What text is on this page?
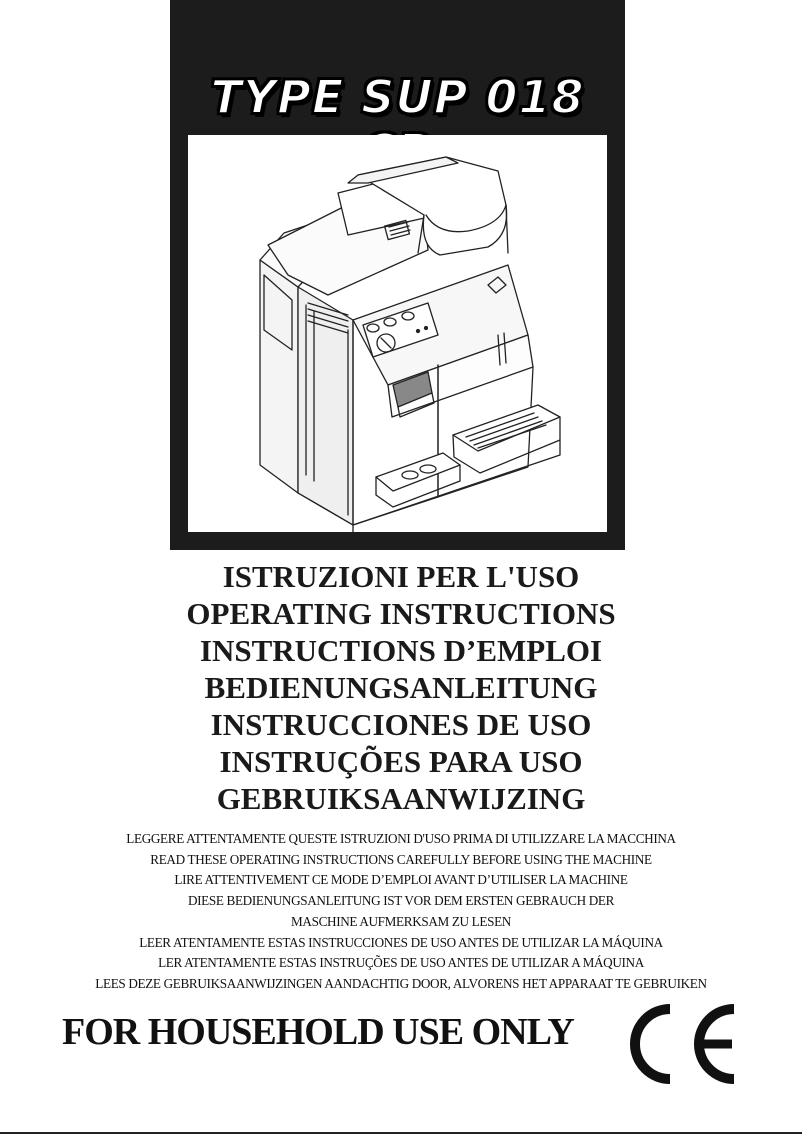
TYPE SUP 018
ISTRUZIONI PER L'USO
OPERATING INSTRUCTIONS
INSTRUCTIONS D’EMPLOI
BEDIENUNGSANLEITUNG
INSTRUCCIONES DE USO
INSTRUÇÕES PARA USO
GEBRUIKSAANWIJZING
LEGGERE ATTENTAMENTE QUESTE ISTRUZIONI D'USO PRIMA DI UTILIZZARE LA MACCHINA
READ THESE OPERATING INSTRUCTIONS CAREFULLY BEFORE USING THE MACHINE
LIRE ATTENTIVEMENT CE MODE D’EMPLOI AVANT D’UTILISER LA MACHINE
DIESE BEDIENUNGSANLEITUNG IST VOR DEM ERSTEN GEBRAUCH DER
MASCHINE AUFMERKSAM ZU LESEN
LEER ATENTAMENTE ESTAS INSTRUCCIONES DE USO ANTES DE UTILIZAR LA MÁQUINA
LER ATENTAMENTE ESTAS INSTRUÇÕES DE USO ANTES DE UTILIZAR A MÁQUINA
LEES DEZE GEBRUIKSAANWIJZINGEN AANDACHTIG DOOR, ALVORENS HET APPARAAT TE GEBRUIKEN
FOR HOUSEHOLD USE ONLY
